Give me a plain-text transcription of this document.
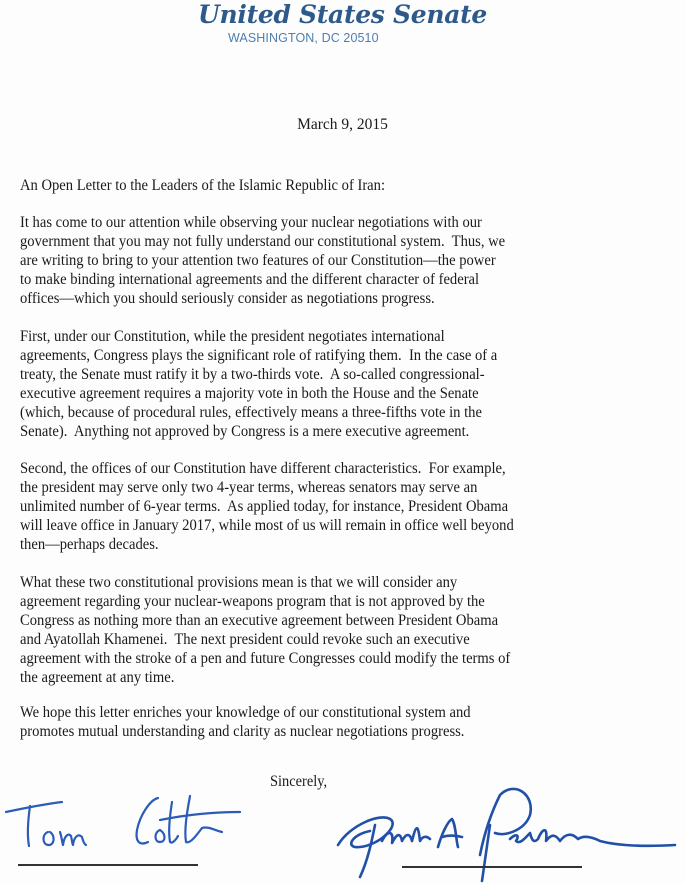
United States Senate
WASHINGTON, DC 20510
March 9, 2015
An Open Letter to the Leaders of the Islamic Republic of Iran:
It has come to our attention while observing your nuclear negotiations with our
government that you may not fully understand our constitutional system.  Thus, we
are writing to bring to your attention two features of our Constitution—the power
to make binding international agreements and the different character of federal
offices—which you should seriously consider as negotiations progress.
First, under our Constitution, while the president negotiates international
agreements, Congress plays the significant role of ratifying them.  In the case of a
treaty, the Senate must ratify it by a two-thirds vote.  A so-called congressional-
executive agreement requires a majority vote in both the House and the Senate
(which, because of procedural rules, effectively means a three-fifths vote in the
Senate).  Anything not approved by Congress is a mere executive agreement.
Second, the offices of our Constitution have different characteristics.  For example,
the president may serve only two 4-year terms, whereas senators may serve an
unlimited number of 6-year terms.  As applied today, for instance, President Obama
will leave office in January 2017, while most of us will remain in office well beyond
then—perhaps decades.
What these two constitutional provisions mean is that we will consider any
agreement regarding your nuclear-weapons program that is not approved by the
Congress as nothing more than an executive agreement between President Obama
and Ayatollah Khamenei.  The next president could revoke such an executive
agreement with the stroke of a pen and future Congresses could modify the terms of
the agreement at any time.
We hope this letter enriches your knowledge of our constitutional system and
promotes mutual understanding and clarity as nuclear negotiations progress.
Sincerely,
